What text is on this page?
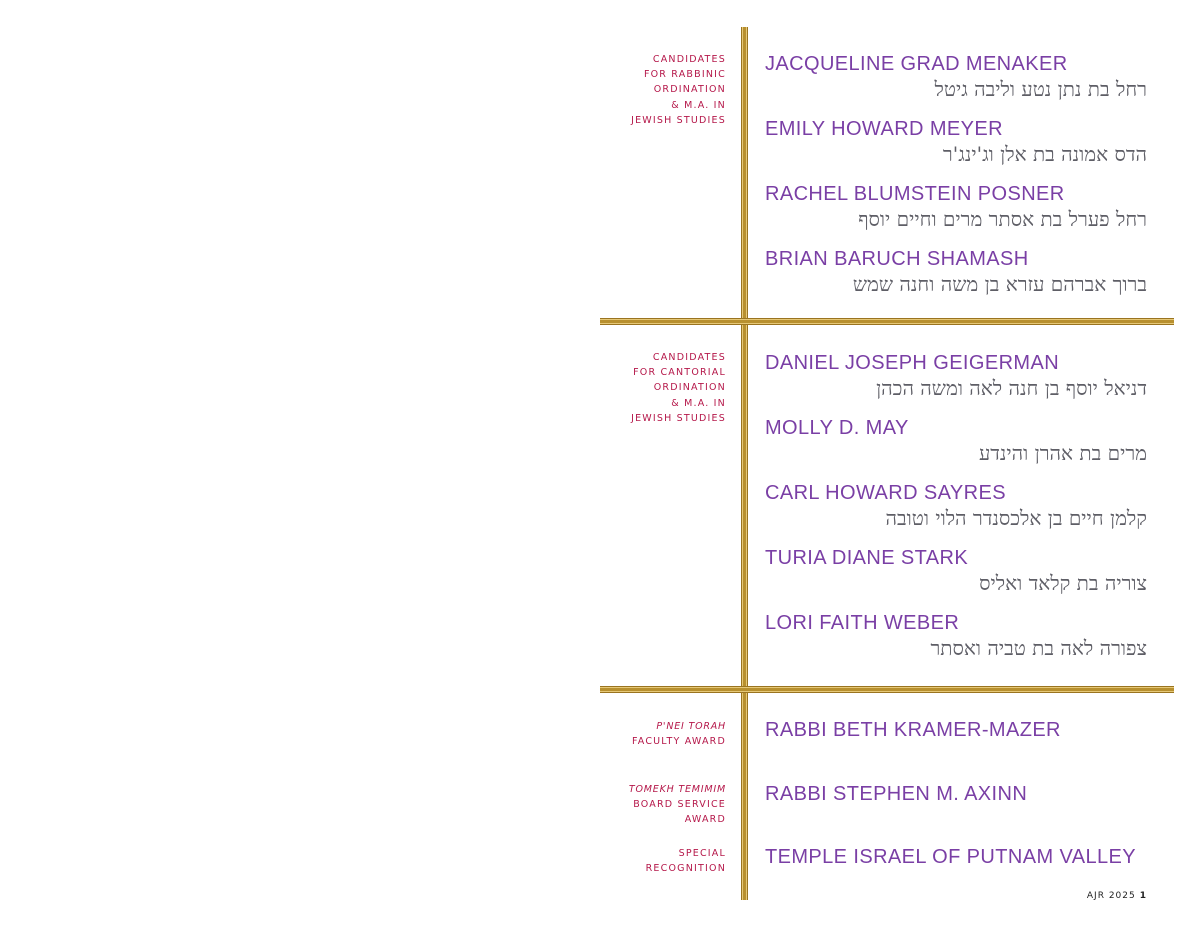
CANDIDATES
FOR RABBINIC
ORDINATION
& M.A. IN
JEWISH STUDIES
JACQUELINE GRAD MENAKER
רחל בת נתן נטע וליבה גיטל
EMILY HOWARD MEYER
הדס אמונה בת אלן וג'ינג'ר
RACHEL BLUMSTEIN POSNER
רחל פערל בת אסתר מרים וחיים יוסף
BRIAN BARUCH SHAMASH
ברוך אברהם עזרא בן משה וחנה שמש
CANDIDATES
FOR CANTORIAL
ORDINATION
& M.A. IN
JEWISH STUDIES
DANIEL JOSEPH GEIGERMAN
דניאל יוסף בן חנה לאה ומשה הכהן
MOLLY D. MAY
מרים בת אהרן והינדע
CARL HOWARD SAYRES
קלמן חיים בן אלכסנדר הלוי וטובה
TURIA DIANE STARK
צוריה בת קלאד ואליס
LORI FAITH WEBER
צפורה לאה בת טביה ואסתר
P'NEI TORAH
FACULTY AWARD
RABBI BETH KRAMER-MAZER
TOMEKH TEMIMIM
BOARD SERVICE
AWARD
RABBI STEPHEN M. AXINN
SPECIAL
RECOGNITION
TEMPLE ISRAEL OF PUTNAM VALLEY
AJR 2025 1
